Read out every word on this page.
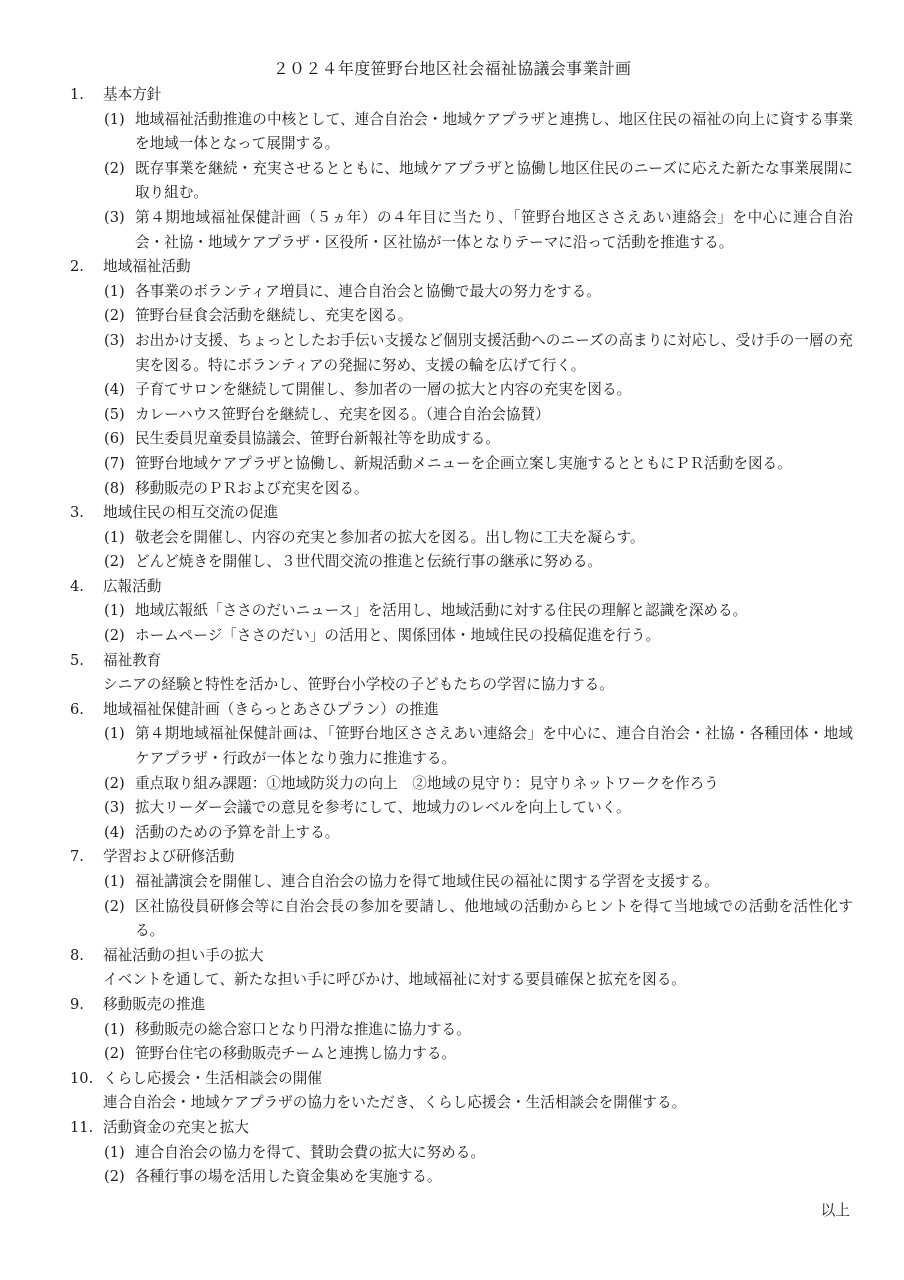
２０２４年度笹野台地区社会福祉協議会事業計画
1. 基本方針
(1) 地域福祉活動推進の中核として、連合自治会・地域ケアプラザと連携し、地区住民の福祉の向上に資する事業を地域一体となって展開する。
(2) 既存事業を継続・充実させるとともに、地域ケアプラザと協働し地区住民のニーズに応えた新たな事業展開に取り組む。
(3) 第４期地域福祉保健計画（５ヵ年）の４年目に当たり、「笹野台地区ささえあい連絡会」を中心に連合自治会・社協・地域ケアプラザ・区役所・区社協が一体となりテーマに沿って活動を推進する。
2. 地域福祉活動
(1) 各事業のボランティア増員に、連合自治会と協働で最大の努力をする。
(2) 笹野台昼食会活動を継続し、充実を図る。
(3) お出かけ支援、ちょっとしたお手伝い支援など個別支援活動へのニーズの高まりに対応し、受け手の一層の充実を図る。特にボランティアの発掘に努め、支援の輪を広げて行く。
(4) 子育てサロンを継続して開催し、参加者の一層の拡大と内容の充実を図る。
(5) カレーハウス笹野台を継続し、充実を図る。（連合自治会協賛）
(6) 民生委員児童委員協議会、笹野台新報社等を助成する。
(7) 笹野台地域ケアプラザと協働し、新規活動メニューを企画立案し実施するとともにＰＲ活動を図る。
(8) 移動販売のＰＲおよび充実を図る。
3. 地域住民の相互交流の促進
(1) 敬老会を開催し、内容の充実と参加者の拡大を図る。出し物に工夫を凝らす。
(2) どんど焼きを開催し、３世代間交流の推進と伝統行事の継承に努める。
4. 広報活動
(1) 地域広報紙「ささのだいニュース」を活用し、地域活動に対する住民の理解と認識を深める。
(2) ホームページ「ささのだい」の活用と、関係団体・地域住民の投稿促進を行う。
5. 福祉教育
シニアの経験と特性を活かし、笹野台小学校の子どもたちの学習に協力する。
6. 地域福祉保健計画（きらっとあさひプラン）の推進
(1) 第４期地域福祉保健計画は、「笹野台地区ささえあい連絡会」を中心に、連合自治会・社協・各種団体・地域ケアプラザ・行政が一体となり強力に推進する。
(2) 重点取り組み課題：①地域防災力の向上　②地域の見守り：見守りネットワークを作ろう
(3) 拡大リーダー会議での意見を参考にして、地域力のレベルを向上していく。
(4) 活動のための予算を計上する。
7. 学習および研修活動
(1) 福祉講演会を開催し、連合自治会の協力を得て地域住民の福祉に関する学習を支援する。
(2) 区社協役員研修会等に自治会長の参加を要請し、他地域の活動からヒントを得て当地域での活動を活性化する。
8. 福祉活動の担い手の拡大
イベントを通して、新たな担い手に呼びかけ、地域福祉に対する要員確保と拡充を図る。
9. 移動販売の推進
(1) 移動販売の総合窓口となり円滑な推進に協力する。
(2) 笹野台住宅の移動販売チームと連携し協力する。
10. くらし応援会・生活相談会の開催
連合自治会・地域ケアプラザの協力をいただき、くらし応援会・生活相談会を開催する。
11. 活動資金の充実と拡大
(1) 連合自治会の協力を得て、賛助会費の拡大に努める。
(2) 各種行事の場を活用した資金集めを実施する。
以上
